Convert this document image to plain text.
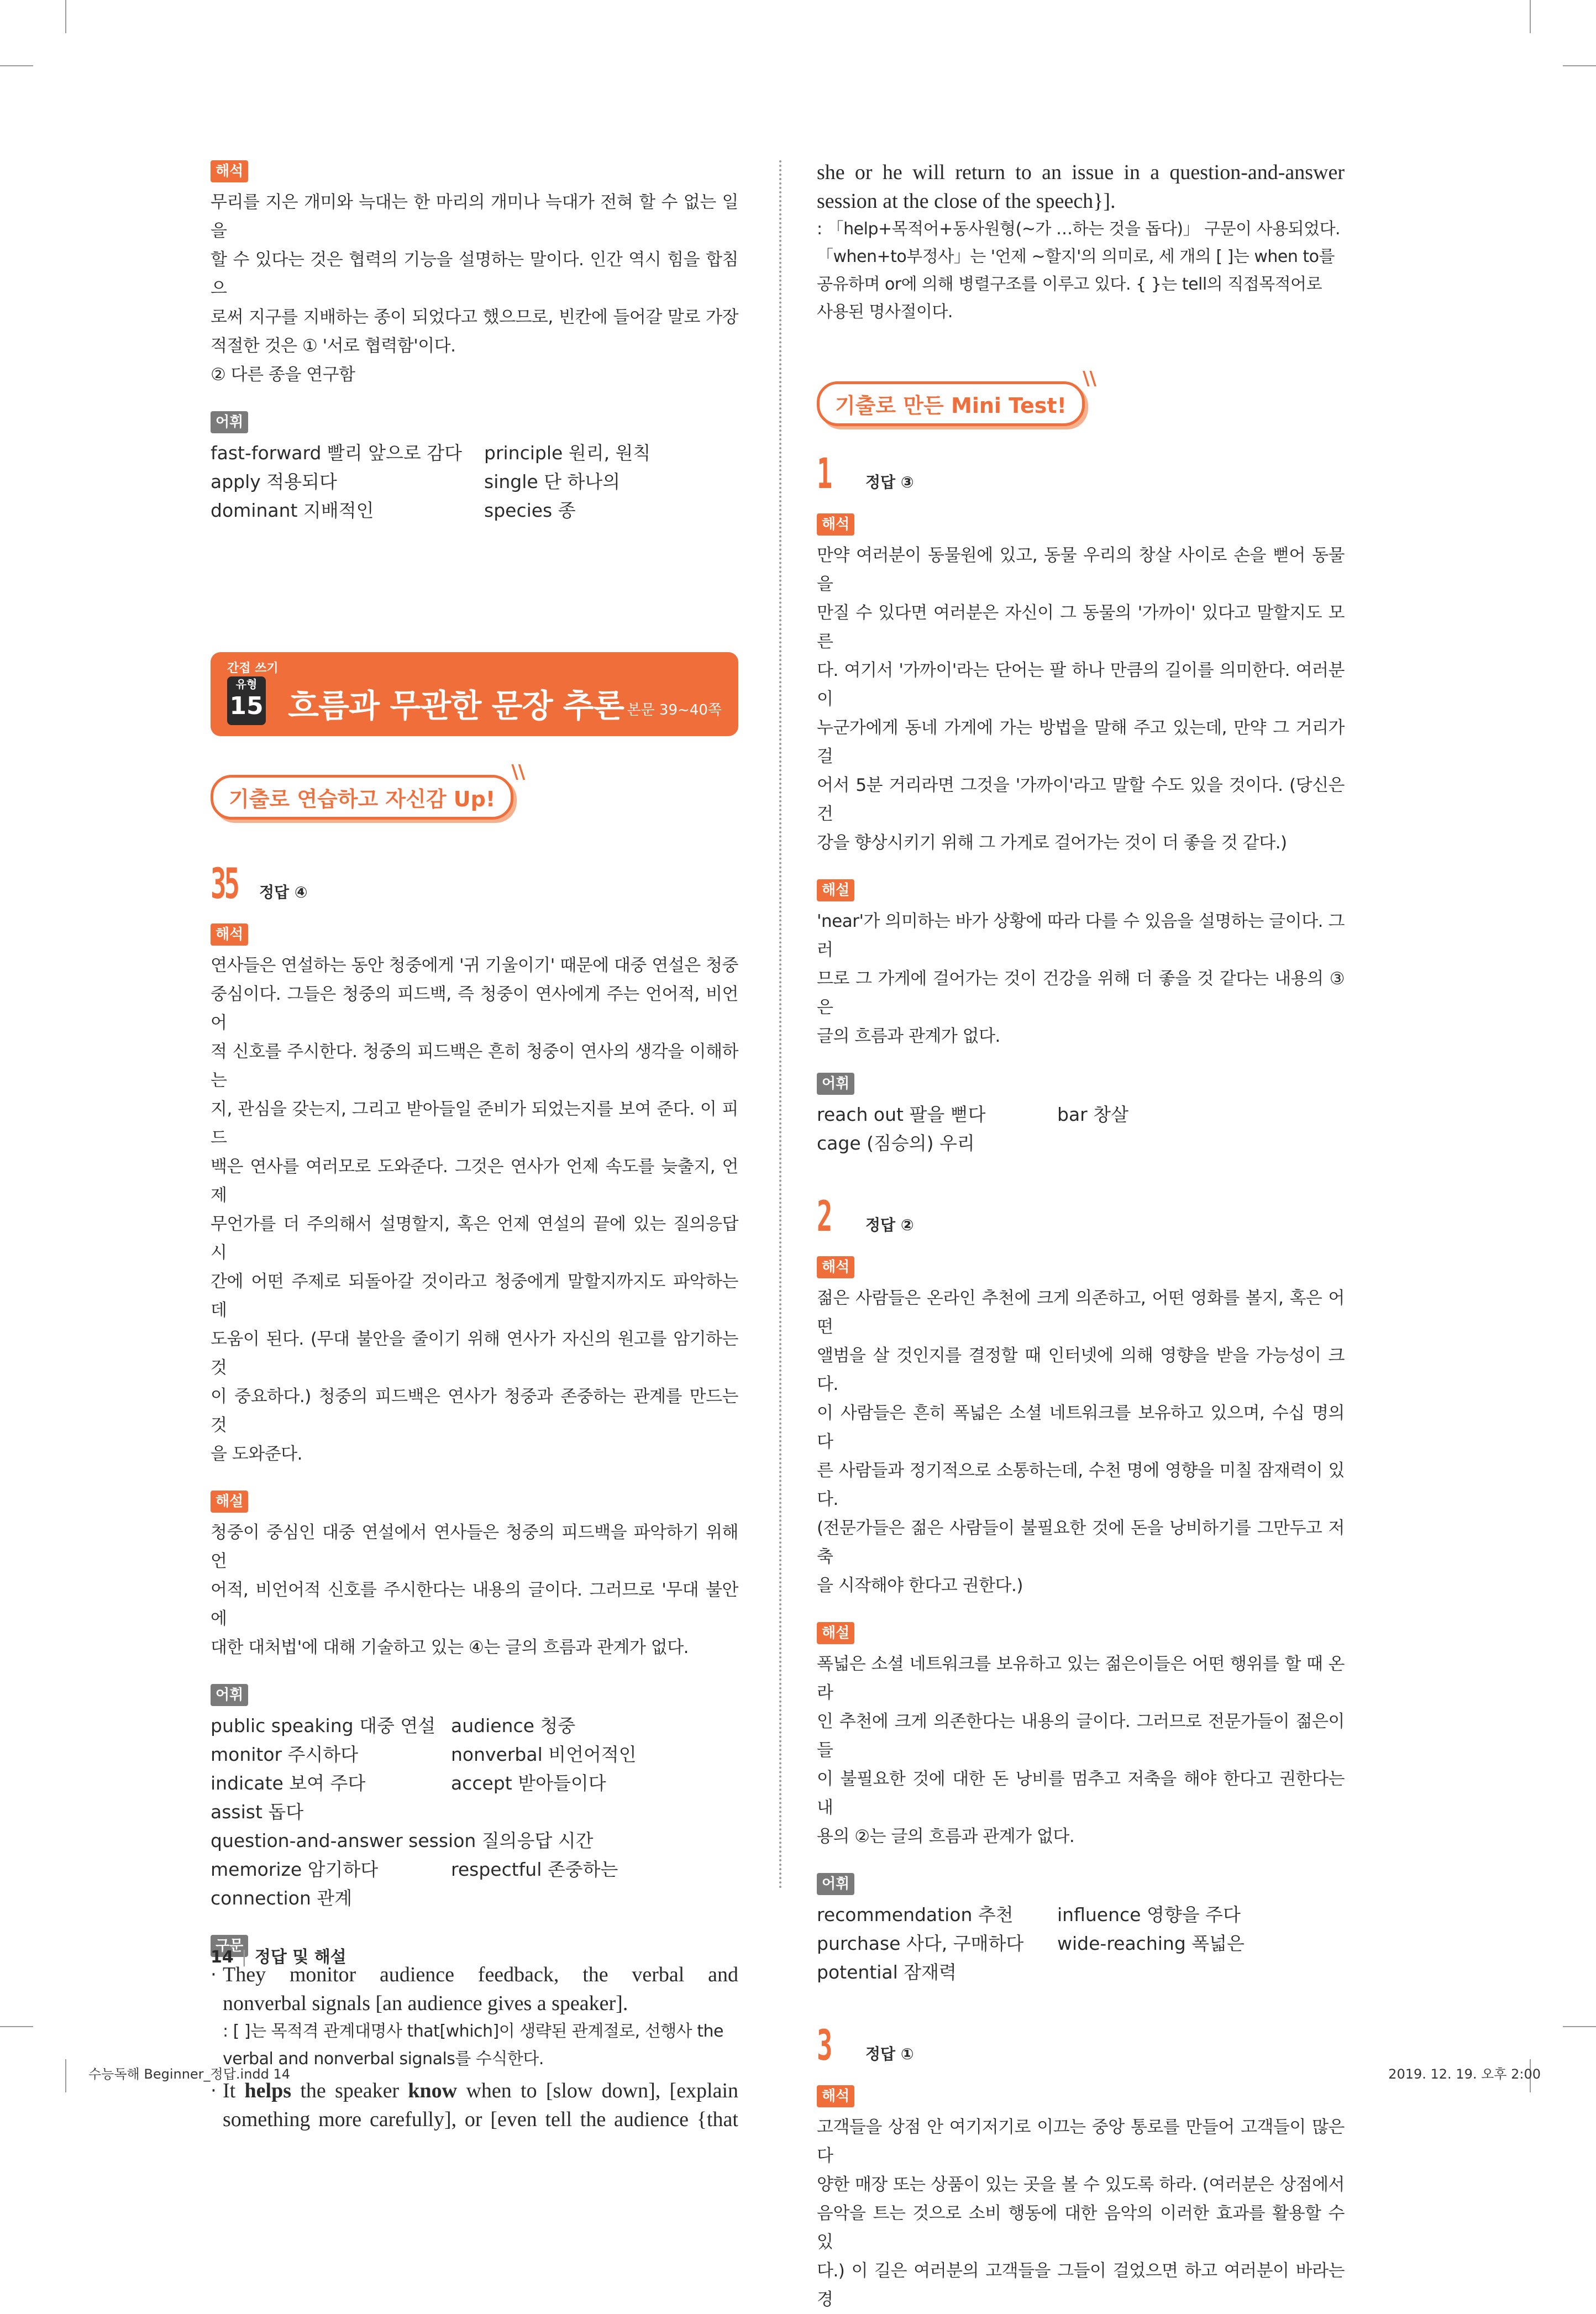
해석
무리를 지은 개미와 늑대는 한 마리의 개미나 늑대가 전혀 할 수 없는 일을
할 수 있다는 것은 협력의 기능을 설명하는 말이다. 인간 역시 힘을 합침으
로써 지구를 지배하는 종이 되었다고 했으므로, 빈칸에 들어갈 말로 가장
적절한 것은 ① '서로 협력함'이다.
② 다른 종을 연구함
어휘
fast-forward 빨리 앞으로 감다	principle 원리, 원칙
apply 적용되다	single 단 하나의
dominant 지배적인	species 종
간접 쓰기
유형
15 흐름과 무관한 문장 추론 본문 39~40쪽
기출로 연습하고 자신감 Up!
\\
35 정답 ④
해석
연사들은 연설하는 동안 청중에게 '귀 기울이기' 때문에 대중 연설은 청중
중심이다. 그들은 청중의 피드백, 즉 청중이 연사에게 주는 언어적, 비언어
적 신호를 주시한다. 청중의 피드백은 흔히 청중이 연사의 생각을 이해하는
지, 관심을 갖는지, 그리고 받아들일 준비가 되었는지를 보여 준다. 이 피드
백은 연사를 여러모로 도와준다. 그것은 연사가 언제 속도를 늦출지, 언제
무언가를 더 주의해서 설명할지, 혹은 언제 연설의 끝에 있는 질의응답 시
간에 어떤 주제로 되돌아갈 것이라고 청중에게 말할지까지도 파악하는 데
도움이 된다. (무대 불안을 줄이기 위해 연사가 자신의 원고를 암기하는 것
이 중요하다.) 청중의 피드백은 연사가 청중과 존중하는 관계를 만드는 것
을 도와준다.
해설
청중이 중심인 대중 연설에서 연사들은 청중의 피드백을 파악하기 위해 언
어적, 비언어적 신호를 주시한다는 내용의 글이다. 그러므로 '무대 불안에
대한 대처법'에 대해 기술하고 있는 ④는 글의 흐름과 관계가 없다.
어휘
public speaking 대중 연설 audience 청중
monitor 주시하다	nonverbal 비언어적인
indicate 보여 주다	accept 받아들이다
assist 돕다
question-and-answer session 질의응답 시간
memorize 암기하다	respectful 존중하는
connection 관계
구문
· They monitor audience feedback, the verbal and
nonverbal signals [an audience gives a speaker].
: [ ]는 목적격 관계대명사 that[which]이 생략된 관계절로, 선행사 the
verbal and nonverbal signals를 수식한다.
· It helps the speaker know when to [slow down], [explain
something more carefully], or [even tell the audience {that
she or he will return to an issue in a question-and-answer
session at the close of the speech}].
: 「help+목적어+동사원형(~가 …하는 것을 돕다)」 구문이 사용되었다.
「when+to부정사」는 '언제 ~할지'의 의미로, 세 개의 [ ]는 when to를
공유하며 or에 의해 병렬구조를 이루고 있다. { }는 tell의 직접목적어로
사용된 명사절이다.
기출로 만든 Mini Test!
\\
1	정답 ③
해석
만약 여러분이 동물원에 있고, 동물 우리의 창살 사이로 손을 뻗어 동물을
만질 수 있다면 여러분은 자신이 그 동물의 '가까이' 있다고 말할지도 모른
다. 여기서 '가까이'라는 단어는 팔 하나 만큼의 길이를 의미한다. 여러분이
누군가에게 동네 가게에 가는 방법을 말해 주고 있는데, 만약 그 거리가 걸
어서 5분 거리라면 그것을 '가까이'라고 말할 수도 있을 것이다. (당신은 건
강을 향상시키기 위해 그 가게로 걸어가는 것이 더 좋을 것 같다.)
해설
'near'가 의미하는 바가 상황에 따라 다를 수 있음을 설명하는 글이다. 그러
므로 그 가게에 걸어가는 것이 건강을 위해 더 좋을 것 같다는 내용의 ③은
글의 흐름과 관계가 없다.
어휘
reach out 팔을 뻗다	bar 창살
cage (짐승의) 우리
2	정답 ②
해석
젊은 사람들은 온라인 추천에 크게 의존하고, 어떤 영화를 볼지, 혹은 어떤
앨범을 살 것인지를 결정할 때 인터넷에 의해 영향을 받을 가능성이 크다.
이 사람들은 흔히 폭넓은 소셜 네트워크를 보유하고 있으며, 수십 명의 다
른 사람들과 정기적으로 소통하는데, 수천 명에 영향을 미칠 잠재력이 있다.
(전문가들은 젊은 사람들이 불필요한 것에 돈을 낭비하기를 그만두고 저축
을 시작해야 한다고 권한다.)
해설
폭넓은 소셜 네트워크를 보유하고 있는 젊은이들은 어떤 행위를 할 때 온라
인 추천에 크게 의존한다는 내용의 글이다. 그러므로 전문가들이 젊은이들
이 불필요한 것에 대한 돈 낭비를 멈추고 저축을 해야 한다고 권한다는 내
용의 ②는 글의 흐름과 관계가 없다.
어휘
recommendation 추천	influence 영향을 주다
purchase 사다, 구매하다	wide-reaching 폭넓은
potential 잠재력
3	정답 ①
해석
고객들을 상점 안 여기저기로 이끄는 중앙 통로를 만들어 고객들이 많은 다
양한 매장 또는 상품이 있는 곳을 볼 수 있도록 하라. (여러분은 상점에서
음악을 트는 것으로 소비 행동에 대한 음악의 이러한 효과를 활용할 수 있
다.) 이 길은 여러분의 고객들을 그들이 걸었으면 하고 여러분이 바라는 경
14 | 정답 및 해설
수능독해 Beginner_정답.indd 14	2019. 12. 19. 오후 2:00
